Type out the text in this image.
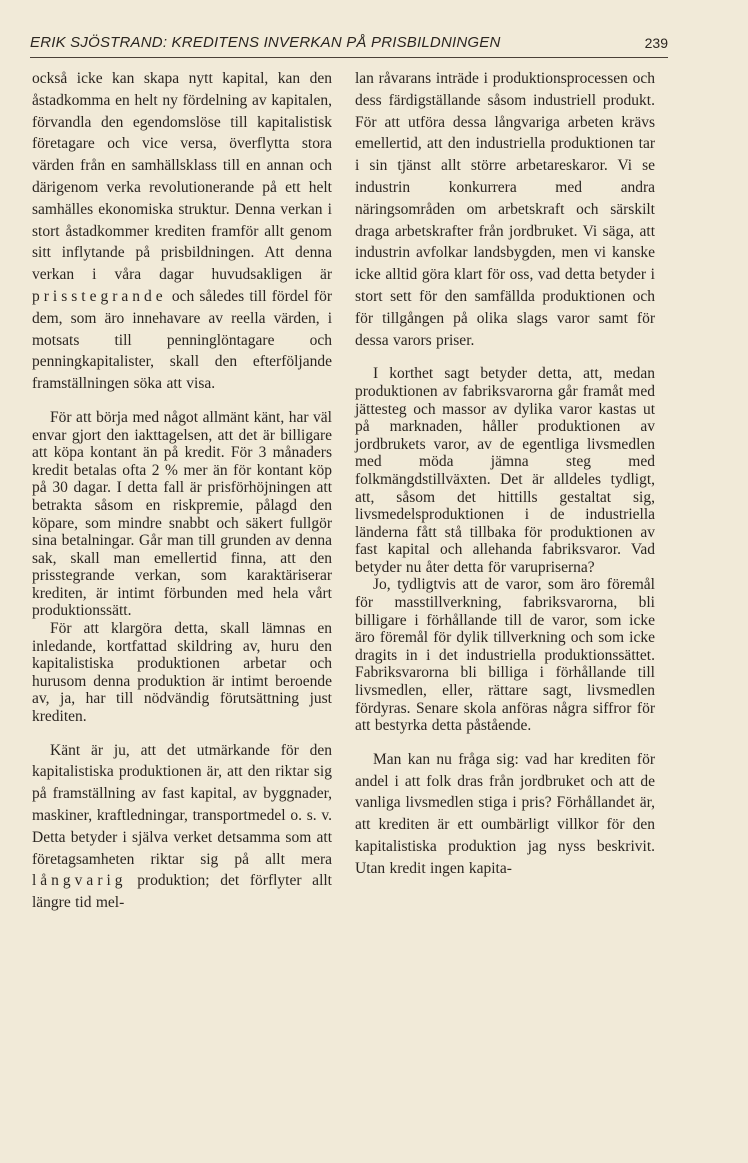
ERIK SJÖSTRAND: KREDITENS INVERKAN PÅ PRISBILDNINGEN	239

också icke kan skapa nytt kapital, kan den åstadkomma en helt ny fördelning av kapitalen, förvandla den egendomslöse till kapitalistisk företagare och vice versa, överflytta stora värden från en samhällsklass till en annan och därigenom verka revolutionerande på ett helt samhälles ekonomiska struktur. Denna verkan i stort åstadkommer krediten framför allt genom sitt inflytande på prisbildningen. Att denna verkan i våra dagar huvudsakligen är prisstegrande och således till fördel för dem, som äro innehavare av reella värden, i motsats till penninglöntagare och penningkapitalister, skall den efterföljande framställningen söka att visa.

För att börja med något allmänt känt, har väl envar gjort den iakttagelsen, att det är billigare att köpa kontant än på kredit. För 3 månaders kredit betalas ofta 2 % mer än för kontant köp på 30 dagar. I detta fall är prisförhöjningen att betrakta såsom en riskpremie, pålagd den köpare, som mindre snabbt och säkert fullgör sina betalningar. Går man till grunden av denna sak, skall man emellertid finna, att den prisstegrande verkan, som karaktäriserar krediten, är intimt förbunden med hela vårt produktionssätt.

För att klargöra detta, skall lämnas en inledande, kortfattad skildring av, huru den kapitalistiska produktionen arbetar och hurusom denna produktion är intimt beroende av, ja, har till nödvändig förutsättning just krediten.

Känt är ju, att det utmärkande för den kapitalistiska produktionen är, att den riktar sig på framställning av fast kapital, av byggnader, maskiner, kraftledningar, transportmedel o. s. v. Detta betyder i själva verket detsamma som att företagsamheten riktar sig på allt mera långvarig produktion; det förflyter allt längre tid mel-

lan råvarans inträde i produktionsprocessen och dess färdigställande såsom industriell produkt. För att utföra dessa långvariga arbeten krävs emellertid, att den industriella produktionen tar i sin tjänst allt större arbetareskaror. Vi se industrin konkurrera med andra näringsområden om arbetskraft och särskilt draga arbetskrafter från jordbruket. Vi säga, att industrin avfolkar landsbygden, men vi kanske icke alltid göra klart för oss, vad detta betyder i stort sett för den samfällda produktionen och för tillgången på olika slags varor samt för dessa varors priser.

I korthet sagt betyder detta, att, medan produktionen av fabriksvarorna går framåt med jättesteg och massor av dylika varor kastas ut på marknaden, håller produktionen av jordbrukets varor, av de egentliga livsmedlen med möda jämna steg med folkmängdstillväxten. Det är alldeles tydligt, att, såsom det hittills gestaltat sig, livsmedelsproduktionen i de industriella länderna fått stå tillbaka för produktionen av fast kapital och allehanda fabriksvaror. Vad betyder nu åter detta för varupriserna?

Jo, tydligtvis att de varor, som äro föremål för masstillverkning, fabriksvarorna, bli billigare i förhållande till de varor, som icke äro föremål för dylik tillverkning och som icke dragits in i det industriella produktionssättet. Fabriksvarorna bli billiga i förhållande till livsmedlen, eller, rättare sagt, livsmedlen fördyras. Senare skola anföras några siffror för att bestyrka detta påstående.

Man kan nu fråga sig: vad har krediten för andel i att folk dras från jordbruket och att de vanliga livsmedlen stiga i pris? Förhållandet är, att krediten är ett oumbärligt villkor för den kapitalistiska produktion jag nyss beskrivit. Utan kredit ingen kapita-
